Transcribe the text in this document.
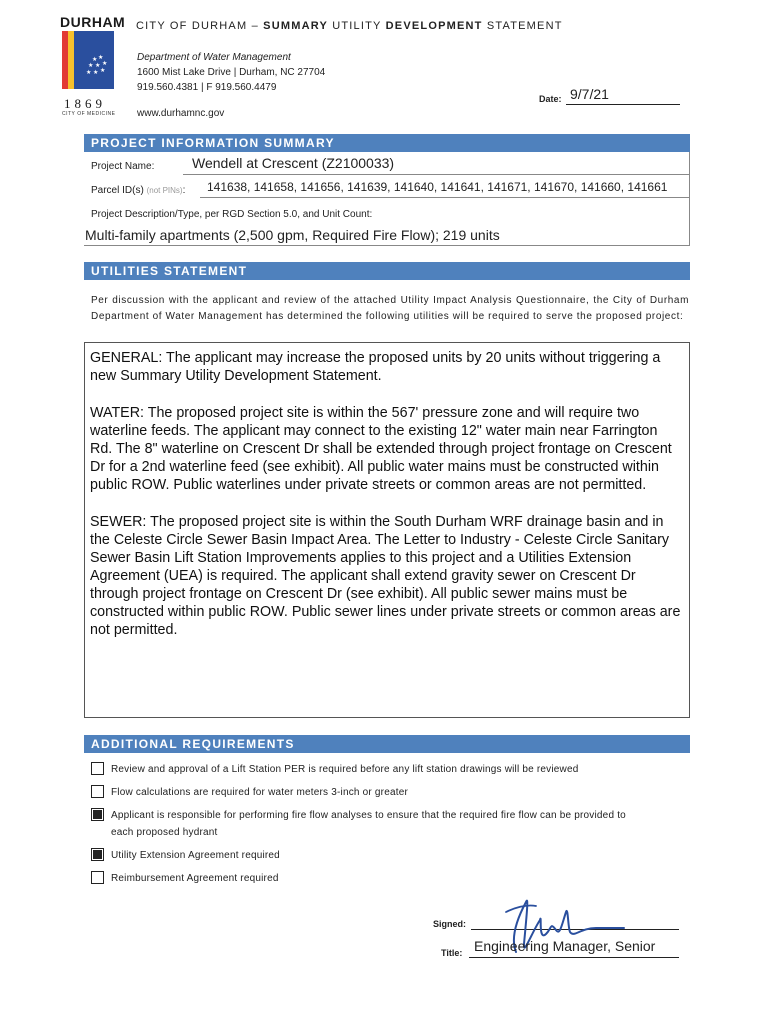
DURHAM
★ ★
★ ★ ★
★ ★ ★
1869
CITY OF MEDICINE
CITY OF DURHAM – SUMMARY UTILITY DEVELOPMENT STATEMENT
Department of Water Management
1600 Mist Lake Drive | Durham, NC 27704
919.560.4381 | F 919.560.4479
www.durhamnc.gov
Date: 9/7/21
PROJECT INFORMATION SUMMARY
Project Name:	Wendell at Crescent (Z2100033)
Parcel ID(s) (not PINs): 141638, 141658, 141656, 141639, 141640, 141641, 141671, 141670, 141660, 141661
Project Description/Type, per RGD Section 5.0, and Unit Count:
Multi-family apartments (2,500 gpm, Required Fire Flow); 219 units
UTILITIES STATEMENT
Per discussion with the applicant and review of the attached Utility Impact Analysis Questionnaire, the City of Durham Department of Water Management has determined the following utilities will be required to serve the proposed project:

GENERAL: The applicant may increase the proposed units by 20 units without triggering a new Summary Utility Development Statement.

WATER: The proposed project site is within the 567' pressure zone and will require two waterline feeds. The applicant may connect to the existing 12" water main near Farrington Rd. The 8" waterline on Crescent Dr shall be extended through project frontage on Crescent Dr for a 2nd waterline feed (see exhibit). All public water mains must be constructed within public ROW. Public waterlines under private streets or common areas are not permitted.

SEWER: The proposed project site is within the South Durham WRF drainage basin and in the Celeste Circle Sewer Basin Impact Area. The Letter to Industry - Celeste Circle Sanitary Sewer Basin Lift Station Improvements applies to this project and a Utilities Extension Agreement (UEA) is required. The applicant shall extend gravity sewer on Crescent Dr through project frontage on Crescent Dr (see exhibit). All public sewer mains must be constructed within public ROW. Public sewer lines under private streets or common areas are not permitted.

ADDITIONAL REQUIREMENTS
Review and approval of a Lift Station PER is required before any lift station drawings will be reviewed
Flow calculations are required for water meters 3-inch or greater
Applicant is responsible for performing fire flow analyses to ensure that the required fire flow can be provided to each proposed hydrant
Utility Extension Agreement required
Reimbursement Agreement required
Signed:
Title: Engineering Manager, Senior
